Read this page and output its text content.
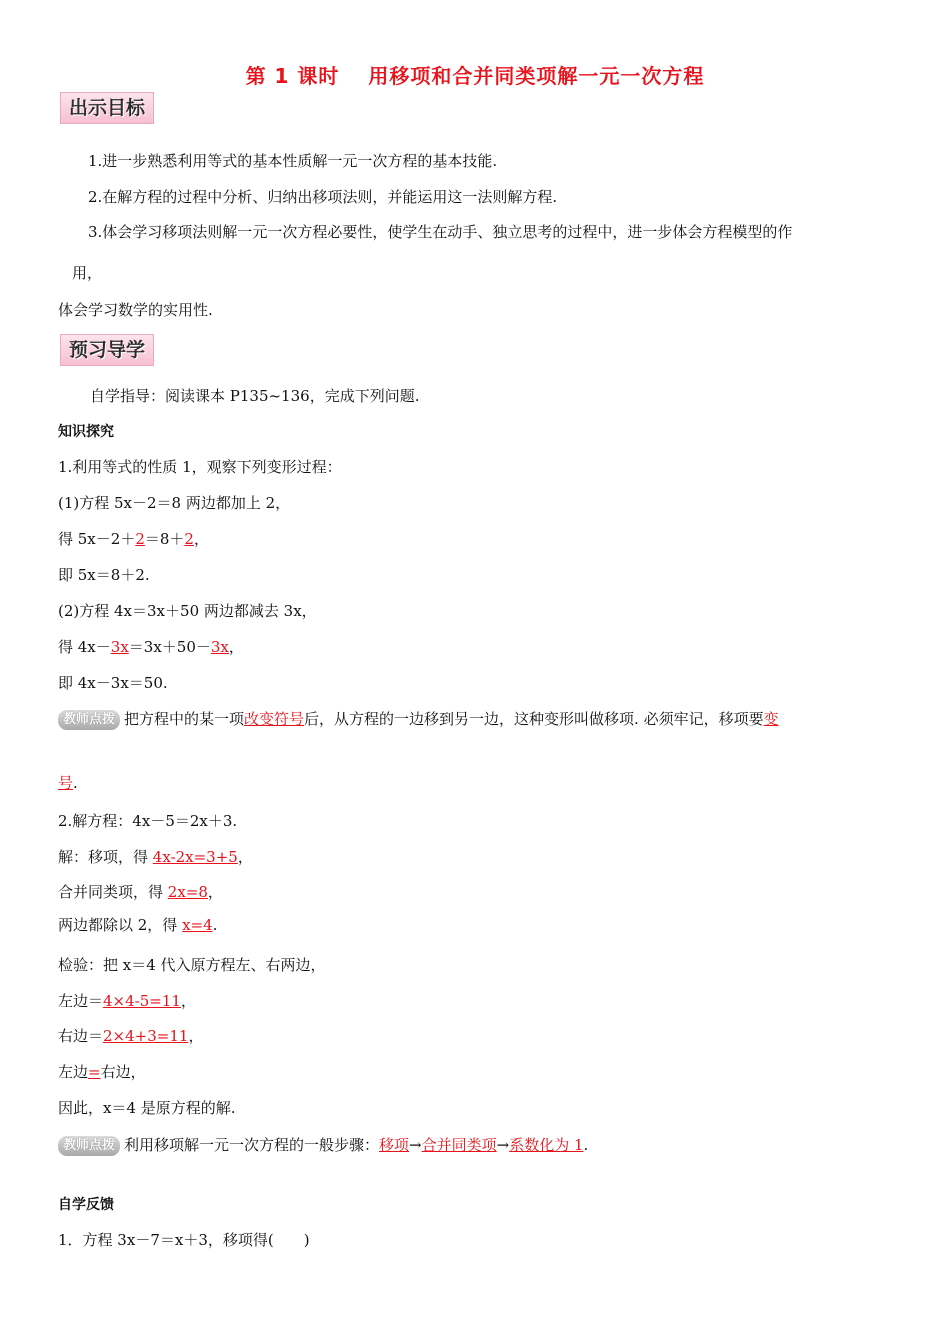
第 1 课时　 用移项和合并同类项解一元一次方程
出示目标
1.进一步熟悉利用等式的基本性质解一元一次方程的基本技能.
2.在解方程的过程中分析、归纳出移项法则，并能运用这一法则解方程.
3.体会学习移项法则解一元一次方程必要性，使学生在动手、独立思考的过程中，进一步体会方程模型的作
用，
体会学习数学的实用性.
预习导学
自学指导：阅读课本 P135~136，完成下列问题.
知识探究
1.利用等式的性质 1，观察下列变形过程：
(1)方程 5x－2＝8 两边都加上 2，
得 5x－2＋2＝8＋2，
即 5x＝8＋2.
(2)方程 4x＝3x＋50 两边都减去 3x，
得 4x－3x＝3x＋50－3x，
即 4x－3x＝50.
教师点拨 把方程中的某一项改变符号后，从方程的一边移到另一边，这种变形叫做移项. 必须牢记，移项要变
号.
2.解方程：4x－5＝2x＋3.
解：移项，得 4x-2x=3+5，
合并同类项，得 2x=8，
两边都除以 2，得 x=4.
检验：把 x＝4 代入原方程左、右两边，
左边＝4×4-5=11，
右边＝2×4+3=11，
左边=右边，
因此，x＝4 是原方程的解.
教师点拨 利用移项解一元一次方程的一般步骤：移项→合并同类项→系数化为 1.
自学反馈
1．方程 3x－7＝x＋3，移项得(　　)
